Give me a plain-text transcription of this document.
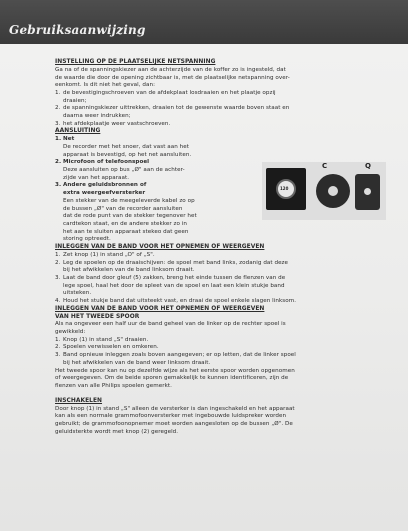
Gebruiksaanwijzing
INSTELLING OP DE PLAATSELIJKE NETSPANNING
Ga na of de spanningskiezer aan de achterzijde van de koffer zo is ingesteld, dat
de waarde die door de opening zichtbaar is, met de plaatselijke netspanning over-
eenkomt. Is dit niet het geval, dan:
1. de bevestigingschroeven van de afdekplaat losdraaien en het plaatje opzij
draaien;
2. de spanningskiezer uittrekken, draaien tot de gewenste waarde boven staat en
daarna weer indrukken;
3. het afdekplaatje weer vastschroeven.
AANSLUITING
1. Net
De recorder met het snoer, dat vast aan het
apparaat is bevestigd, op het net aansluiten.
2. Microfoon of telefoonspoel
Deze aansluiten op bus „Ø" aan de achter-
zijde van het apparaat.
3. Andere geluidsbronnen of
extra weergeefversterker
Een stekker van de meegeleverde kabel zo op
de bussen „Ø" van de recorder aansluiten
dat de rode punt van de stekker tegenover het
cardtekon staat, en de andere stekker zo in
het aan te sluiten apparaat stekeo dat geen
storing optreedt.
INLEGGEN VAN DE BAND VOOR HET OPNEMEN OF WEERGEVEN
1. Zet knop (1) in stand „O" of „S".
2. Leg de spoelen op de draaischijven: de spoel met band links, zodanig dat deze
bij het afwikkelen van de band linksom draait.
3. Laat de band door gleuf (5) zakken, breng het einde tussen de flenzen van de
lege spoel, haal het door de spleet van de spoel en laat een klein stukje band
uitsteken.
4. Houd het stukje band dat uitsteekt vast, en draai de spoel enkele slagen linksom.
INLEGGEN VAN DE BAND VOOR HET OPNEMEN OF WEERGEVEN
VAN HET TWEEDE SPOOR
Als na ongeveer een half uur de band geheel van de linker op de rechter spoel is
gewikkeld:
1. Knop (1) in stand „S" draaien.
2. Spoelen verwisselen en omkeren.
3. Band opnieuw inleggen zoals boven aangegeven; er op letten, dat de linker spoel
bij het afwikkelen van de band weer linksom draait.
Het tweede spoor kan nu op dezelfde wijze als het eerste spoor worden opgenomen
of weergegeven. Om de beide sporen gemakkelijk te kunnen identificeren, zijn de
flenzen van alle Philips spoelen gemerkt.
INSCHAKELEN
Door knop (1) in stand „S" alleen de versterker is dan ingeschakeld en het apparaat
kan als een normale grammofoonversterker met ingebouwde luidspreker worden
gebruikt; de grammofoonopnemer moet worden aangesloten op de bussen „Ø". De
geluidsterkte wordt met knop (2) geregeld.
120
C	Q
